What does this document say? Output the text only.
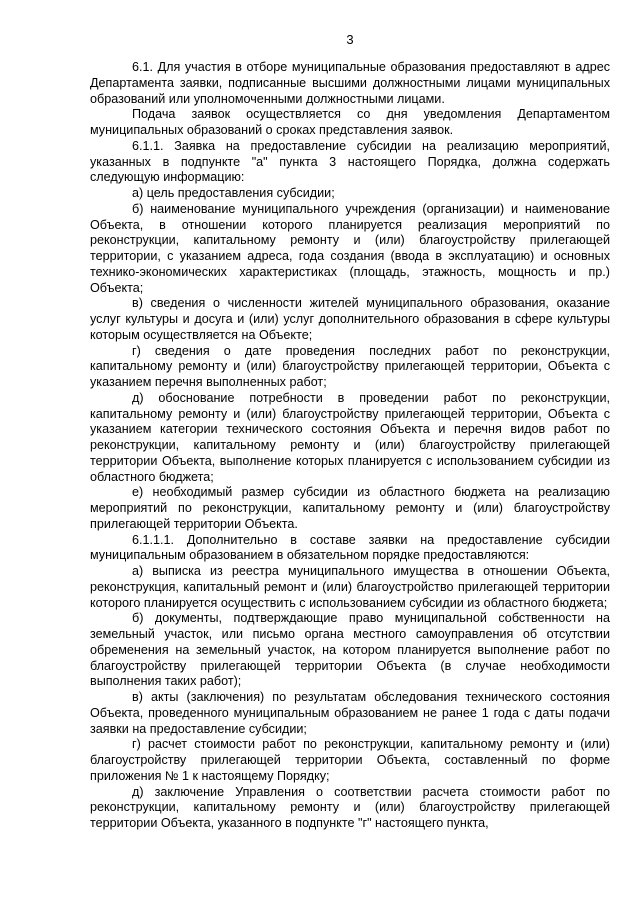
3

6.1. Для участия в отборе муниципальные образования предоставляют в адрес Департамента заявки, подписанные высшими должностными лицами муниципальных образований или уполномоченными должностными лицами.

Подача заявок осуществляется со дня уведомления Департаментом муниципальных образований о сроках представления заявок.

6.1.1. Заявка на предоставление субсидии на реализацию мероприятий, указанных в подпункте "а" пункта 3 настоящего Порядка, должна содержать следующую информацию:

а) цель предоставления субсидии;

б) наименование муниципального учреждения (организации) и наименование Объекта, в отношении которого планируется реализация мероприятий по реконструкции, капитальному ремонту и (или) благоустройству прилегающей территории, с указанием адреса, года создания (ввода в эксплуатацию) и основных технико-экономических характеристиках (площадь, этажность, мощность и пр.) Объекта;

в) сведения о численности жителей муниципального образования, оказание услуг культуры и досуга и (или) услуг дополнительного образования в сфере культуры которым осуществляется на Объекте;

г) сведения о дате проведения последних работ по реконструкции, капитальному ремонту и (или) благоустройству прилегающей территории, Объекта с указанием перечня выполненных работ;

д) обоснование потребности в проведении работ по реконструкции, капитальному ремонту и (или) благоустройству прилегающей территории, Объекта с указанием категории технического состояния Объекта и перечня видов работ по реконструкции, капитальному ремонту и (или) благоустройству прилегающей территории Объекта, выполнение которых планируется с использованием субсидии из областного бюджета;

е) необходимый размер субсидии из областного бюджета на реализацию мероприятий по реконструкции, капитальному ремонту и (или) благоустройству прилегающей территории Объекта.

6.1.1.1. Дополнительно в составе заявки на предоставление субсидии муниципальным образованием в обязательном порядке предоставляются:

а) выписка из реестра муниципального имущества в отношении Объекта, реконструкция, капитальный ремонт и (или) благоустройство прилегающей территории которого планируется осуществить с использованием субсидии из областного бюджета;

б) документы, подтверждающие право муниципальной собственности на земельный участок, или письмо органа местного самоуправления об отсутствии обременения на земельный участок, на котором планируется выполнение работ по благоустройству прилегающей территории Объекта (в случае необходимости выполнения таких работ);

в) акты (заключения) по результатам обследования технического состояния Объекта, проведенного муниципальным образованием не ранее 1 года с даты подачи заявки на предоставление субсидии;

г) расчет стоимости работ по реконструкции, капитальному ремонту и (или) благоустройству прилегающей территории Объекта, составленный по форме приложения № 1 к настоящему Порядку;

д) заключение Управления о соответствии расчета стоимости работ по реконструкции, капитальному ремонту и (или) благоустройству прилегающей территории Объекта, указанного в подпункте "г" настоящего пункта,
